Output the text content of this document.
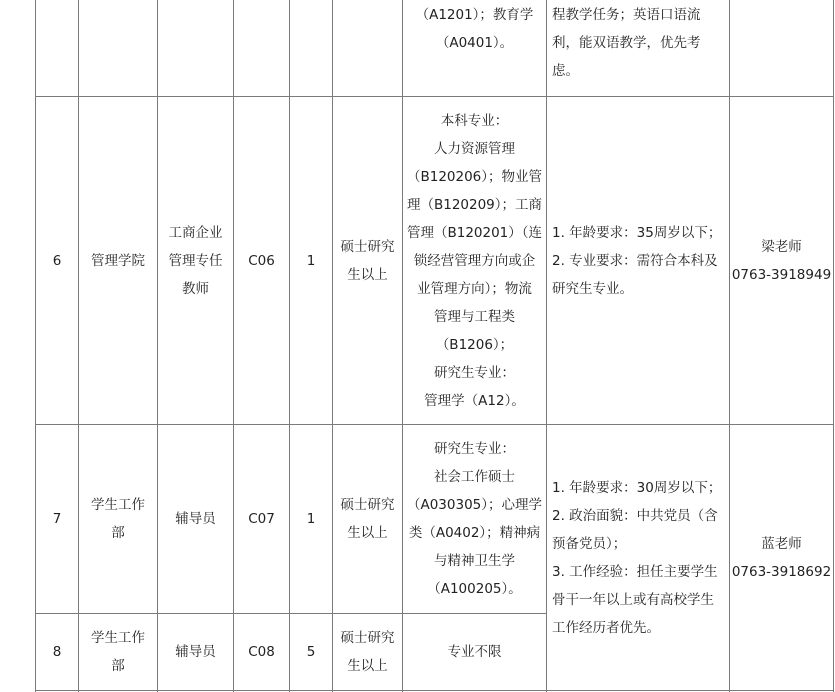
（A1201）；教育学
（A0401）。
程教学任务；英语口语流
利，能双语教学，优先考
虑。
6 管理学院
工商企业
管理专任
教师
C06 1
硕士研究
生以上
本科专业：
人力资源管理
（B120206）；物业管
理（B120209）；工商
管理（B120201）（连
锁经营管理方向或企
业管理方向）；物流
管理与工程类
（B1206）；
研究生专业：
管理学（A12）。
1. 年龄要求：35周岁以下；
2. 专业要求：需符合本科及
研究生专业。
梁老师
0763-3918949
7
学生工作
部
辅导员 C07 1
硕士研究
生以上
研究生专业：
社会工作硕士
（A030305）；心理学
类（A0402）；精神病
与精神卫生学
（A100205）。
8
学生工作
部
辅导员 C08 5
硕士研究
生以上
专业不限
1. 年龄要求：30周岁以下；
2. 政治面貌：中共党员（含
预备党员）；
3. 工作经验：担任主要学生
骨干一年以上或有高校学生
工作经历者优先。
蓝老师
0763-3918692
